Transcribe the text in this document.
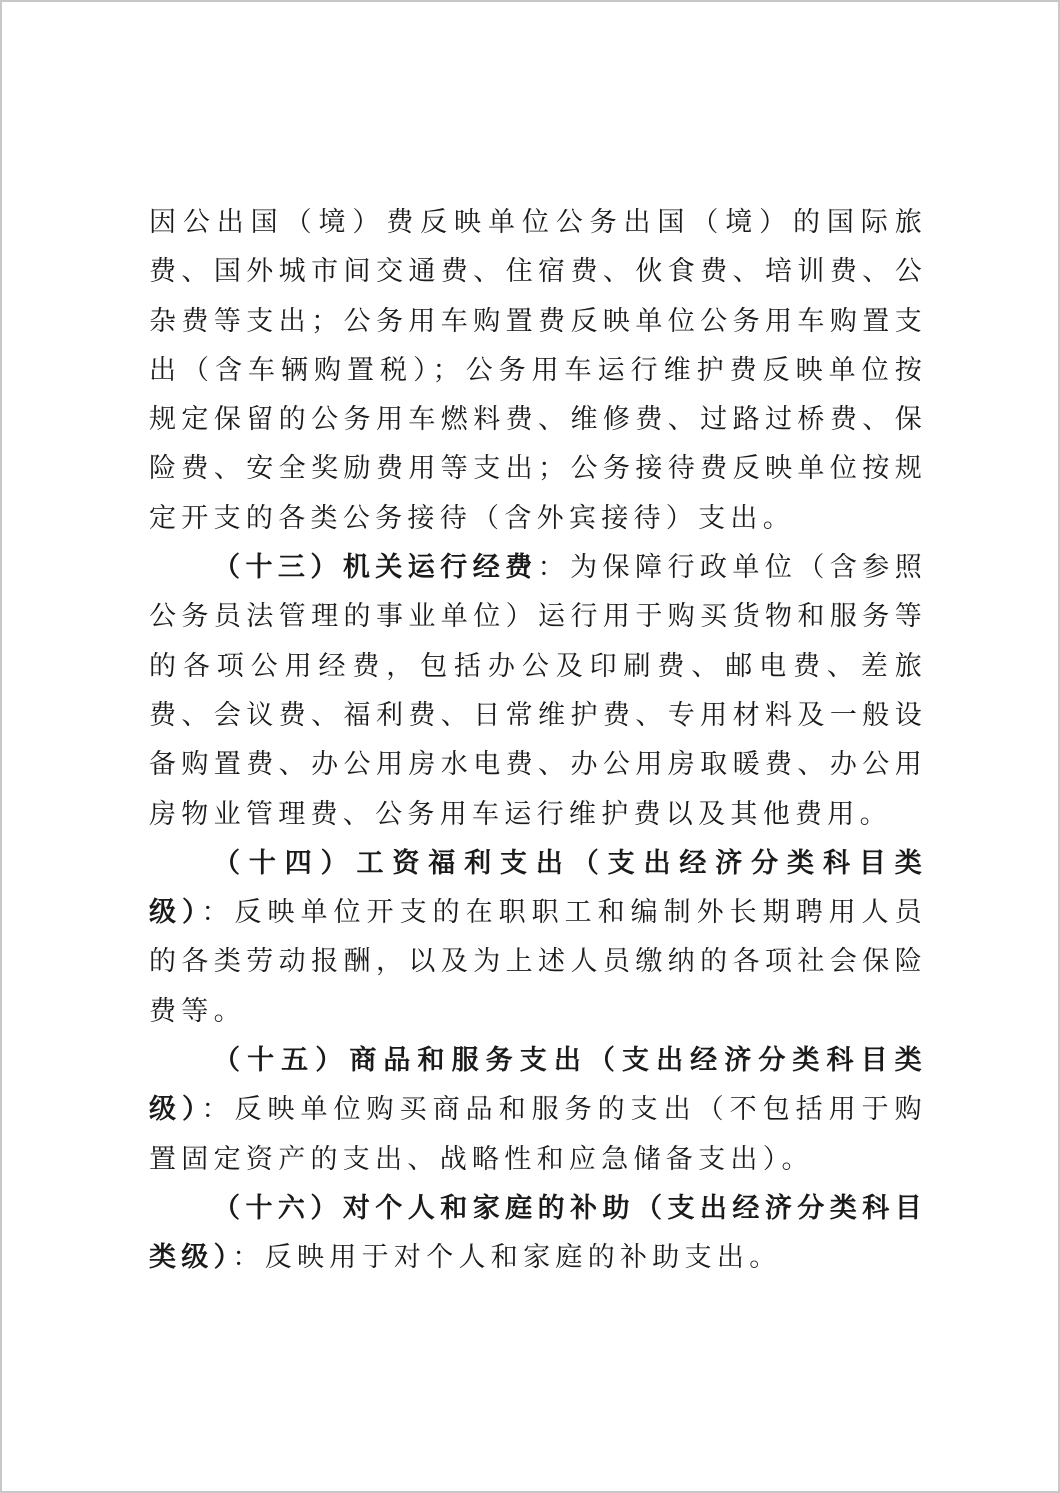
因公出国（境）费反映单位公务出国（境）的国际旅费、国外城市间交通费、住宿费、伙食费、培训费、公杂费等支出；公务用车购置费反映单位公务用车购置支出（含车辆购置税）；公务用车运行维护费反映单位按规定保留的公务用车燃料费、维修费、过路过桥费、保险费、安全奖励费用等支出；公务接待费反映单位按规定开支的各类公务接待（含外宾接待）支出。

（十三）机关运行经费：为保障行政单位（含参照公务员法管理的事业单位）运行用于购买货物和服务等的各项公用经费，包括办公及印刷费、邮电费、差旅费、会议费、福利费、日常维护费、专用材料及一般设备购置费、办公用房水电费、办公用房取暖费、办公用房物业管理费、公务用车运行维护费以及其他费用。

（十四）工资福利支出（支出经济分类科目类级）：反映单位开支的在职职工和编制外长期聘用人员的各类劳动报酬，以及为上述人员缴纳的各项社会保险费等。

（十五）商品和服务支出（支出经济分类科目类级）：反映单位购买商品和服务的支出（不包括用于购置固定资产的支出、战略性和应急储备支出）。

（十六）对个人和家庭的补助（支出经济分类科目类级）：反映用于对个人和家庭的补助支出。
